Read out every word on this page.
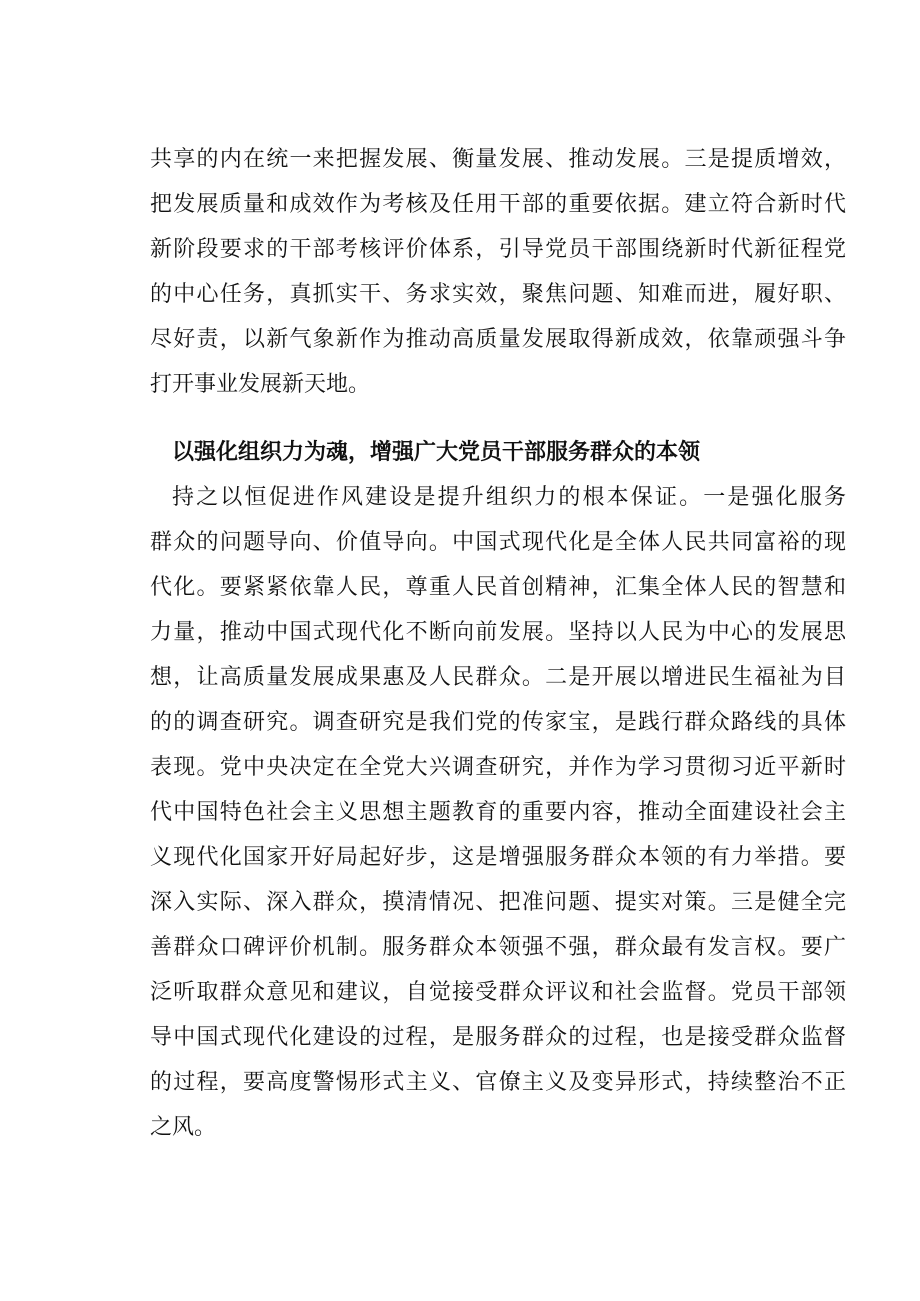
共享的内在统一来把握发展、衡量发展、推动发展。三是提质增效，
把发展质量和成效作为考核及任用干部的重要依据。建立符合新时代
新阶段要求的干部考核评价体系，引导党员干部围绕新时代新征程党
的中心任务，真抓实干、务求实效，聚焦问题、知难而进，履好职、
尽好责，以新气象新作为推动高质量发展取得新成效，依靠顽强斗争
打开事业发展新天地。
以强化组织力为魂，增强广大党员干部服务群众的本领
持之以恒促进作风建设是提升组织力的根本保证。一是强化服务
群众的问题导向、价值导向。中国式现代化是全体人民共同富裕的现
代化。要紧紧依靠人民，尊重人民首创精神，汇集全体人民的智慧和
力量，推动中国式现代化不断向前发展。坚持以人民为中心的发展思
想，让高质量发展成果惠及人民群众。二是开展以增进民生福祉为目
的的调查研究。调查研究是我们党的传家宝，是践行群众路线的具体
表现。党中央决定在全党大兴调查研究，并作为学习贯彻习近平新时
代中国特色社会主义思想主题教育的重要内容，推动全面建设社会主
义现代化国家开好局起好步，这是增强服务群众本领的有力举措。要
深入实际、深入群众，摸清情况、把准问题、提实对策。三是健全完
善群众口碑评价机制。服务群众本领强不强，群众最有发言权。要广
泛听取群众意见和建议，自觉接受群众评议和社会监督。党员干部领
导中国式现代化建设的过程，是服务群众的过程，也是接受群众监督
的过程，要高度警惕形式主义、官僚主义及变异形式，持续整治不正
之风。
